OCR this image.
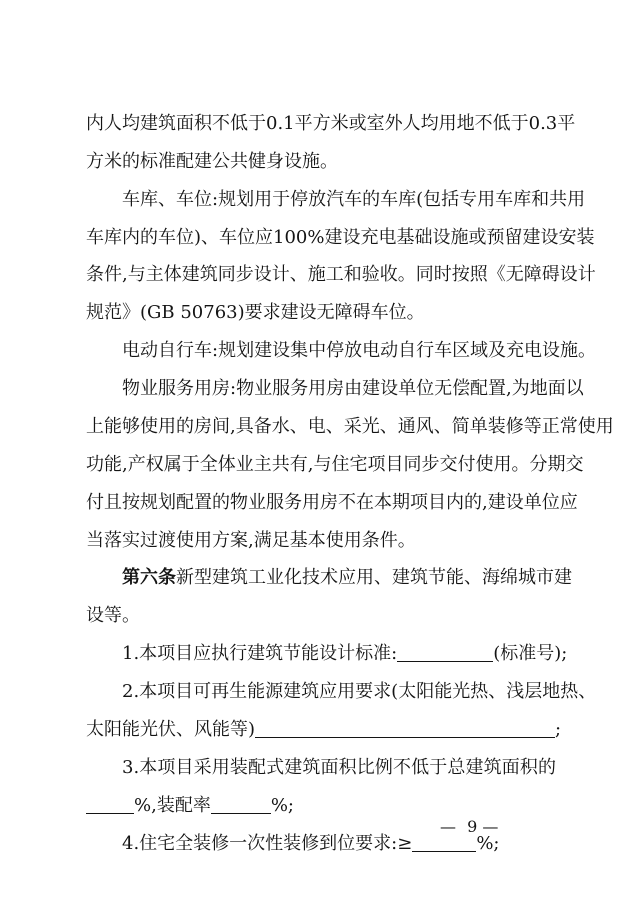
内人均建筑面积不低于0.1平方米或室外人均用地不低于0.3平
方米的标准配建公共健身设施。
车库、车位:规划用于停放汽车的车库(包括专用车库和共用
车库内的车位)、车位应100%建设充电基础设施或预留建设安装
条件,与主体建筑同步设计、施工和验收。同时按照《无障碍设计
规范》(GB 50763)要求建设无障碍车位。
电动自行车:规划建设集中停放电动自行车区域及充电设施。
物业服务用房:物业服务用房由建设单位无偿配置,为地面以
上能够使用的房间,具备水、电、采光、通风、简单装修等正常使用
功能,产权属于全体业主共有,与住宅项目同步交付使用。分期交
付且按规划配置的物业服务用房不在本期项目内的,建设单位应
当落实过渡使用方案,满足基本使用条件。
第六条 新型建筑工业化技术应用、建筑节能、海绵城市建
设等。
1.本项目应执行建筑节能设计标准:	(标准号);
2.本项目可再生能源建筑应用要求(太阳能光热、浅层地热、
太阳能光伏、风能等)	;
3.本项目采用装配式建筑面积比例不低于总建筑面积的
%,装配率	%;
4.住宅全装修一次性装修到位要求:≥	%;
— 9 —
